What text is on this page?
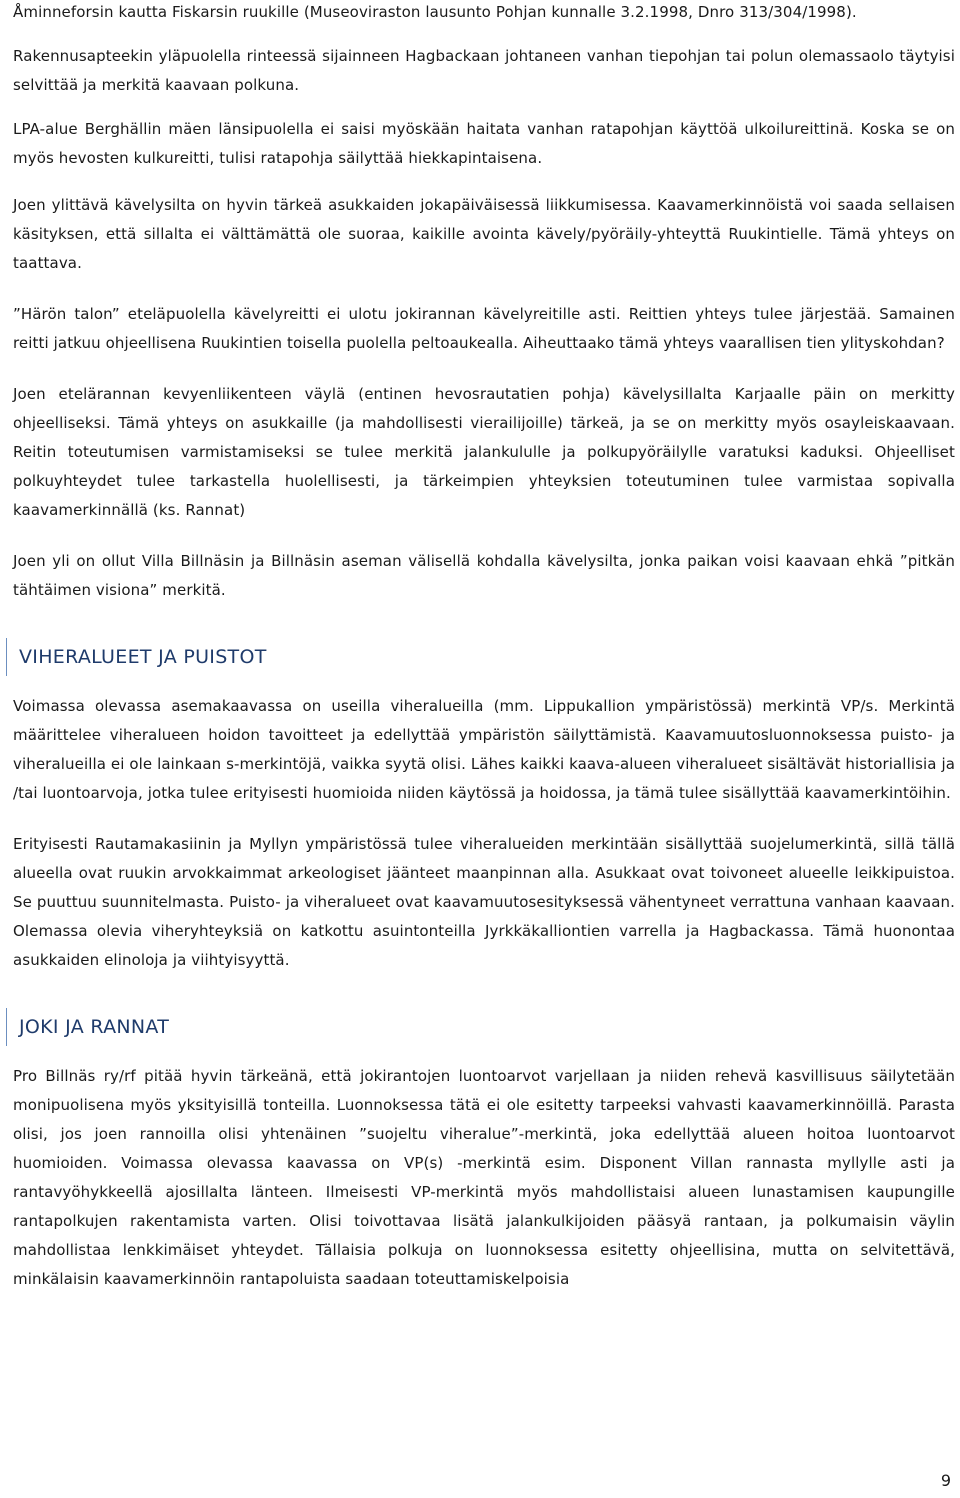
Åminneforsin kautta Fiskarsin ruukille (Museoviraston lausunto Pohjan kunnalle 3.2.1998, Dnro 313/304/1998).

Rakennusapteekin yläpuolella rinteessä sijainneen Hagbackaan johtaneen vanhan tiepohjan tai polun olemassaolo täytyisi selvittää ja merkitä kaavaan polkuna.

LPA-alue Berghällin mäen länsipuolella ei saisi myöskään haitata vanhan ratapohjan käyttöä ulkoilureittinä. Koska se on myös hevosten kulkureitti, tulisi ratapohja säilyttää hiekkapintaisena.

Joen ylittävä kävelysilta on hyvin tärkeä asukkaiden jokapäiväisessä liikkumisessa. Kaavamerkinnöistä voi saada sellaisen käsityksen, että sillalta ei välttämättä ole suoraa, kaikille avointa kävely/pyöräily-yhteyttä Ruukintielle. Tämä yhteys on taattava.

”Härön talon” eteläpuolella kävelyreitti ei ulotu jokirannan kävelyreitille asti. Reittien yhteys tulee järjestää. Samainen reitti jatkuu ohjeellisena Ruukintien toisella puolella peltoaukealla. Aiheuttaako tämä yhteys vaarallisen tien ylityskohdan?

Joen etelärannan kevyenliikenteen väylä (entinen hevosrautatien pohja) kävelysillalta Karjaalle päin on merkitty ohjeelliseksi. Tämä yhteys on asukkaille (ja mahdollisesti vierailijoille) tärkeä, ja se on merkitty myös osayleiskaavaan. Reitin toteutumisen varmistamiseksi se tulee merkitä jalankululle ja polkupyöräilylle varatuksi kaduksi. Ohjeelliset polkuyhteydet tulee tarkastella huolellisesti, ja tärkeimpien yhteyksien toteutuminen tulee varmistaa sopivalla kaavamerkinnällä (ks. Rannat)

Joen yli on ollut Villa Billnäsin ja Billnäsin aseman välisellä kohdalla kävelysilta, jonka paikan voisi kaavaan ehkä ”pitkän tähtäimen visiona” merkitä.

VIHERALUEET JA PUISTOT

Voimassa olevassa asemakaavassa on useilla viheralueilla (mm. Lippukallion ympäristössä) merkintä VP/s. Merkintä määrittelee viheralueen hoidon tavoitteet ja edellyttää ympäristön säilyttämistä. Kaavamuutosluonnoksessa puisto- ja viheralueilla ei ole lainkaan s-merkintöjä, vaikka syytä olisi. Lähes kaikki kaava-alueen viheralueet sisältävät historiallisia ja /tai luontoarvoja, jotka tulee erityisesti huomioida niiden käytössä ja hoidossa, ja tämä tulee sisällyttää kaavamerkintöihin.

Erityisesti Rautamakasiinin ja Myllyn ympäristössä tulee viheralueiden merkintään sisällyttää suojelumerkintä, sillä tällä alueella ovat ruukin arvokkaimmat arkeologiset jäänteet maanpinnan alla. Asukkaat ovat toivoneet alueelle leikkipuistoa. Se puuttuu suunnitelmasta. Puisto- ja viheralueet ovat kaavamuutosesityksessä vähentyneet verrattuna vanhaan kaavaan. Olemassa olevia viheryhteyksiä on katkottu asuintonteilla Jyrkkäkalliontien varrella ja Hagbackassa. Tämä huonontaa asukkaiden elinoloja ja viihtyisyyttä.

JOKI JA RANNAT

Pro Billnäs ry/rf pitää hyvin tärkeänä, että jokirantojen luontoarvot varjellaan ja niiden rehevä kasvillisuus säilytetään monipuolisena myös yksityisillä tonteilla. Luonnoksessa tätä ei ole esitetty tarpeeksi vahvasti kaavamerkinnöillä. Parasta olisi, jos joen rannoilla olisi yhtenäinen ”suojeltu viheralue”-merkintä, joka edellyttää alueen hoitoa luontoarvot huomioiden. Voimassa olevassa kaavassa on VP(s) -merkintä esim. Disponent Villan rannasta myllylle asti ja rantavyöhykkeellä ajosillalta länteen. Ilmeisesti VP-merkintä myös mahdollistaisi alueen lunastamisen kaupungille rantapolkujen rakentamista varten. Olisi toivottavaa lisätä jalankulkijoiden pääsyä rantaan, ja polkumaisin väylin mahdollistaa lenkkimäiset yhteydet. Tällaisia polkuja on luonnoksessa esitetty ohjeellisina, mutta on selvitettävä, minkälaisin kaavamerkinnöin rantapoluista saadaan toteuttamiskelpoisia

9
